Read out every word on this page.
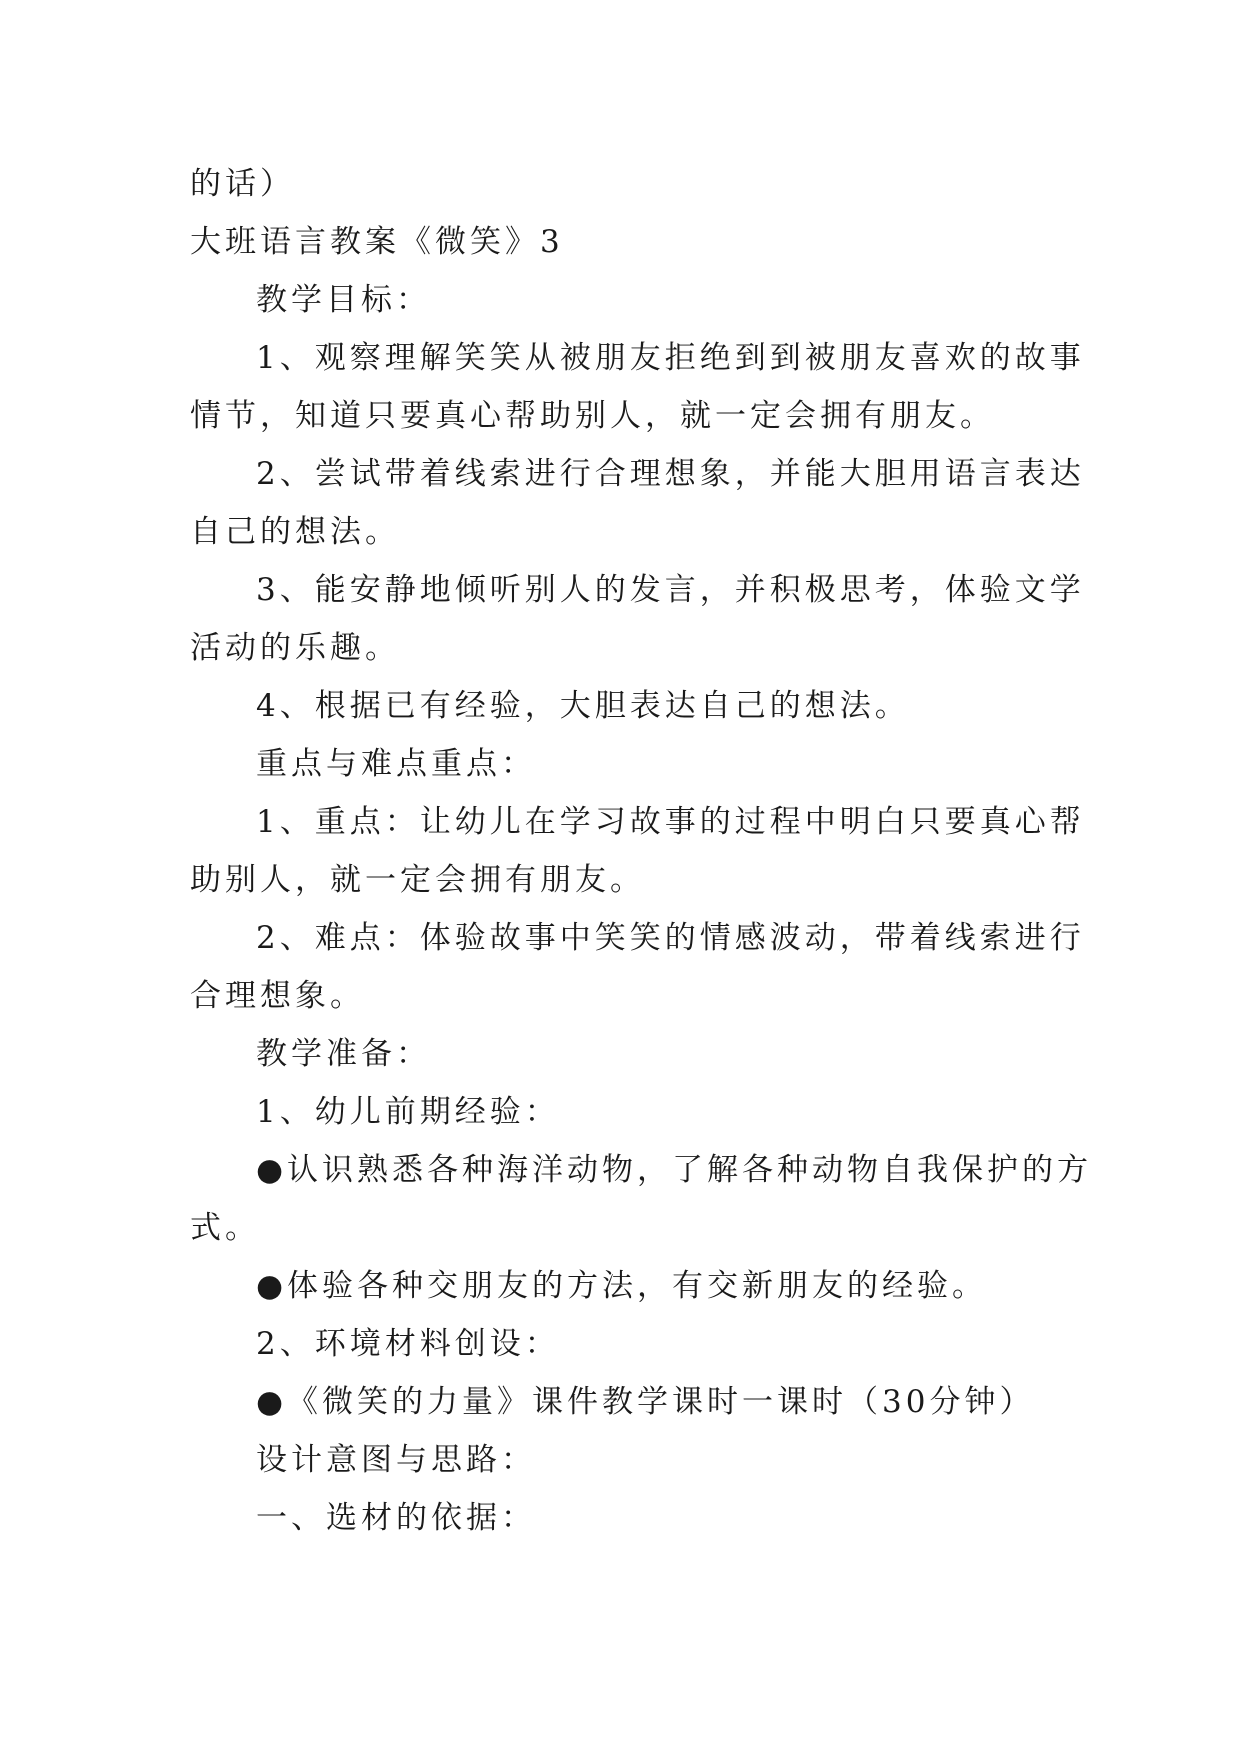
的话）
大班语言教案《微笑》3
教学目标：
1、观察理解笑笑从被朋友拒绝到到被朋友喜欢的故事
情节，知道只要真心帮助别人，就一定会拥有朋友。
2、尝试带着线索进行合理想象，并能大胆用语言表达
自己的想法。
3、能安静地倾听别人的发言，并积极思考，体验文学
活动的乐趣。
4、根据已有经验，大胆表达自己的想法。
重点与难点重点：
1、重点：让幼儿在学习故事的过程中明白只要真心帮
助别人，就一定会拥有朋友。
2、难点：体验故事中笑笑的情感波动，带着线索进行
合理想象。
教学准备：
1、幼儿前期经验：
●认识熟悉各种海洋动物，了解各种动物自我保护的方
式。
●体验各种交朋友的方法，有交新朋友的经验。
2、环境材料创设：
●《微笑的力量》课件教学课时一课时（30分钟）
设计意图与思路：
一、选材的依据：
